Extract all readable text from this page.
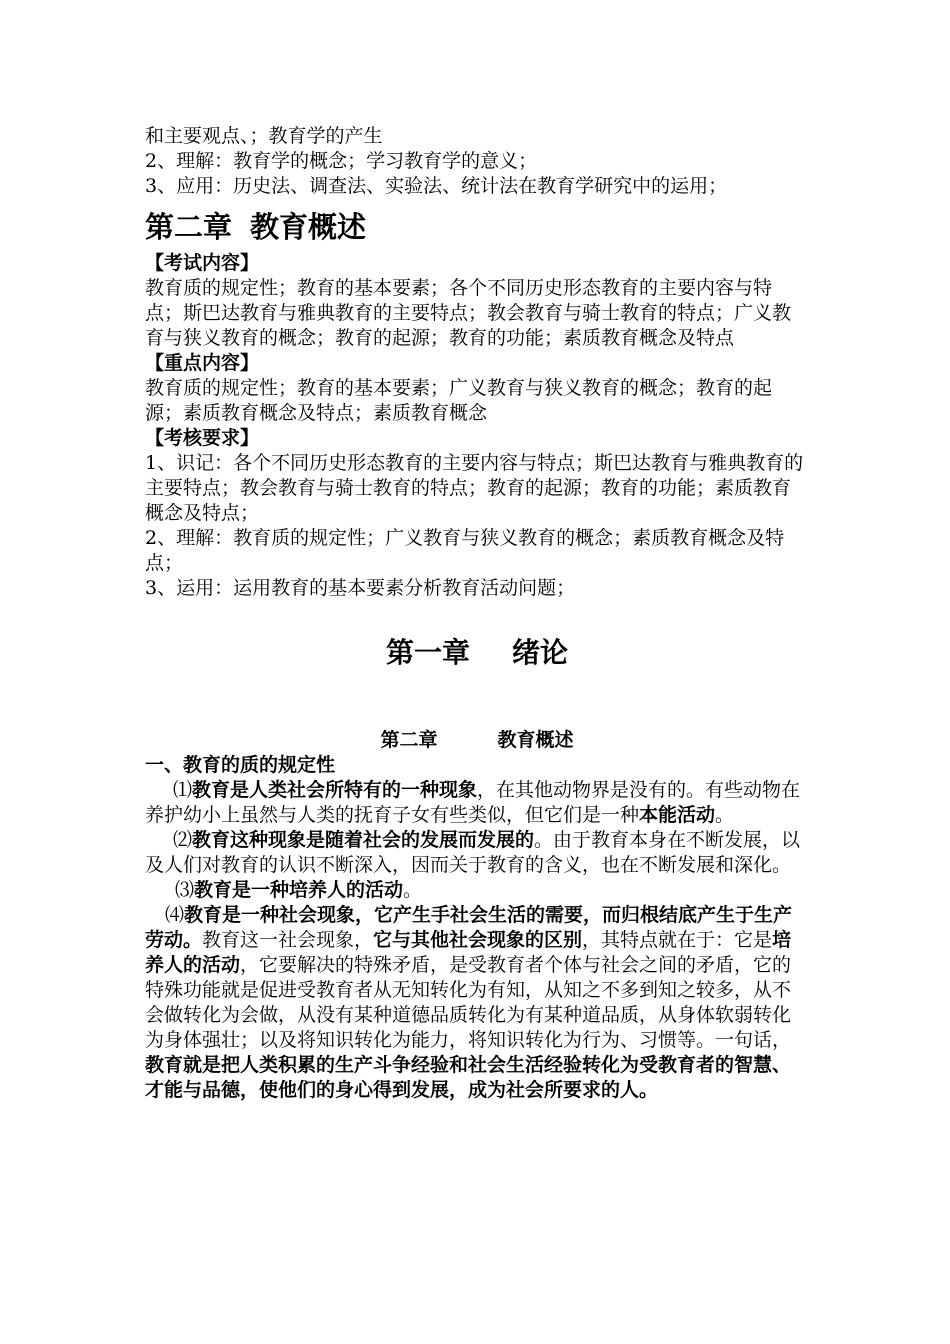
和主要观点、；教育学的产生

2、理解：教育学的概念；学习教育学的意义；

3、应用：历史法、调查法、实验法、统计法在教育学研究中的运用；

第二章 教育概述

【考试内容】

教育质的规定性；教育的基本要素；各个不同历史形态教育的主要内容与特点；斯巴达教育与雅典教育的主要特点；教会教育与骑士教育的特点；广义教育与狭义教育的概念；教育的起源；教育的功能；素质教育概念及特点

【重点内容】

教育质的规定性；教育的基本要素；广义教育与狭义教育的概念；教育的起源；素质教育概念及特点；素质教育概念

【考核要求】

1、识记：各个不同历史形态教育的主要内容与特点；斯巴达教育与雅典教育的主要特点；教会教育与骑士教育的特点；教育的起源；教育的功能；素质教育概念及特点；

2、理解：教育质的规定性；广义教育与狭义教育的概念；素质教育概念及特点；

3、运用：运用教育的基本要素分析教育活动问题；

第一章 绪论
第二章	教育概述

一、教育的质的规定性

⑴教育是人类社会所特有的一种现象，在其他动物界是没有的。有些动物在养护幼小上虽然与人类的抚育子女有些类似，但它们是一种本能活动。

⑵教育这种现象是随着社会的发展而发展的。由于教育本身在不断发展，以及人们对教育的认识不断深入，因而关于教育的含义，也在不断发展和深化。

⑶教育是一种培养人的活动。

⑷教育是一种社会现象，它产生手社会生活的需要，而归根结底产生于生产劳动。教育这一社会现象，它与其他社会现象的区别，其特点就在于：它是培养人的活动，它要解决的特殊矛盾，是受教育者个体与社会之间的矛盾，它的特殊功能就是促进受教育者从无知转化为有知，从知之不多到知之较多，从不会做转化为会做，从没有某种道德品质转化为有某种道品质，从身体软弱转化为身体强壮；以及将知识转化为能力，将知识转化为行为、习惯等。一句话，教育就是把人类积累的生产斗争经验和社会生活经验转化为受教育者的智慧、才能与品德，使他们的身心得到发展，成为社会所要求的人。
